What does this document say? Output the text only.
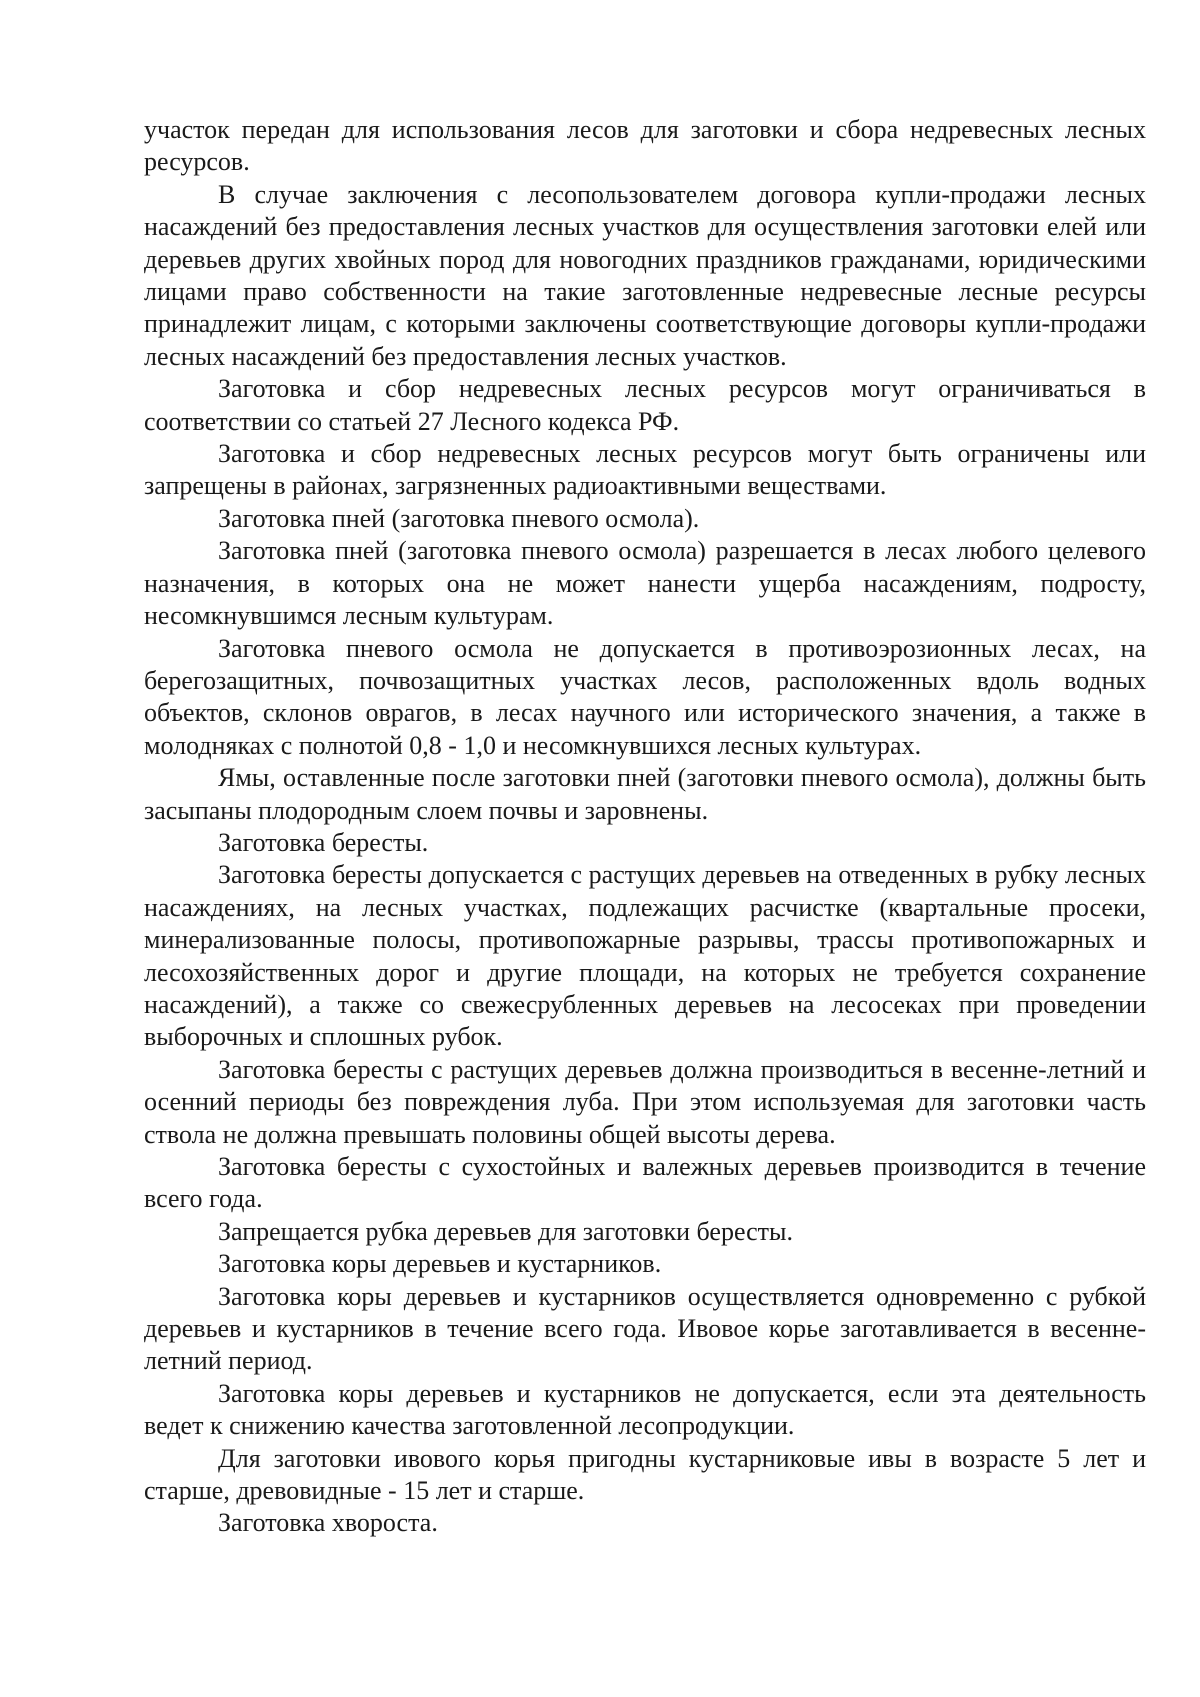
участок передан для использования лесов для заготовки и сбора недревесных лесных ресурсов.

В случае заключения с лесопользователем договора купли-продажи лесных насаждений без предоставления лесных участков для осуществления заготовки елей или деревьев других хвойных пород для новогодних праздников гражданами, юридическими лицами право собственности на такие заготовленные недревесные лесные ресурсы принадлежит лицам, с которыми заключены соответствующие договоры купли-продажи лесных насаждений без предоставления лесных участков.

Заготовка и сбор недревесных лесных ресурсов могут ограничиваться в соответствии со статьей 27 Лесного кодекса РФ.

Заготовка и сбор недревесных лесных ресурсов могут быть ограничены или запрещены в районах, загрязненных радиоактивными веществами.

Заготовка пней (заготовка пневого осмола).

Заготовка пней (заготовка пневого осмола) разрешается в лесах любого целевого назначения, в которых она не может нанести ущерба насаждениям, подросту, несомкнувшимся лесным культурам.

Заготовка пневого осмола не допускается в противоэрозионных лесах, на берегозащитных, почвозащитных участках лесов, расположенных вдоль водных объектов, склонов оврагов, в лесах научного или исторического значения, а также в молодняках с полнотой 0,8 - 1,0 и несомкнувшихся лесных культурах.

Ямы, оставленные после заготовки пней (заготовки пневого осмола), должны быть засыпаны плодородным слоем почвы и заровнены.

Заготовка бересты.

Заготовка бересты допускается с растущих деревьев на отведенных в рубку лесных насаждениях, на лесных участках, подлежащих расчистке (квартальные просеки, минерализованные полосы, противопожарные разрывы, трассы противопожарных и лесохозяйственных дорог и другие площади, на которых не требуется сохранение насаждений), а также со свежесрубленных деревьев на лесосеках при проведении выборочных и сплошных рубок.

Заготовка бересты с растущих деревьев должна производиться в весенне-летний и осенний периоды без повреждения луба. При этом используемая для заготовки часть ствола не должна превышать половины общей высоты дерева.

Заготовка бересты с сухостойных и валежных деревьев производится в течение всего года.

Запрещается рубка деревьев для заготовки бересты.

Заготовка коры деревьев и кустарников.

Заготовка коры деревьев и кустарников осуществляется одновременно с рубкой деревьев и кустарников в течение всего года. Ивовое корье заготавливается в весенне-летний период.

Заготовка коры деревьев и кустарников не допускается, если эта деятельность ведет к снижению качества заготовленной лесопродукции.

Для заготовки ивового корья пригодны кустарниковые ивы в возрасте 5 лет и старше, древовидные - 15 лет и старше.

Заготовка хвороста.
